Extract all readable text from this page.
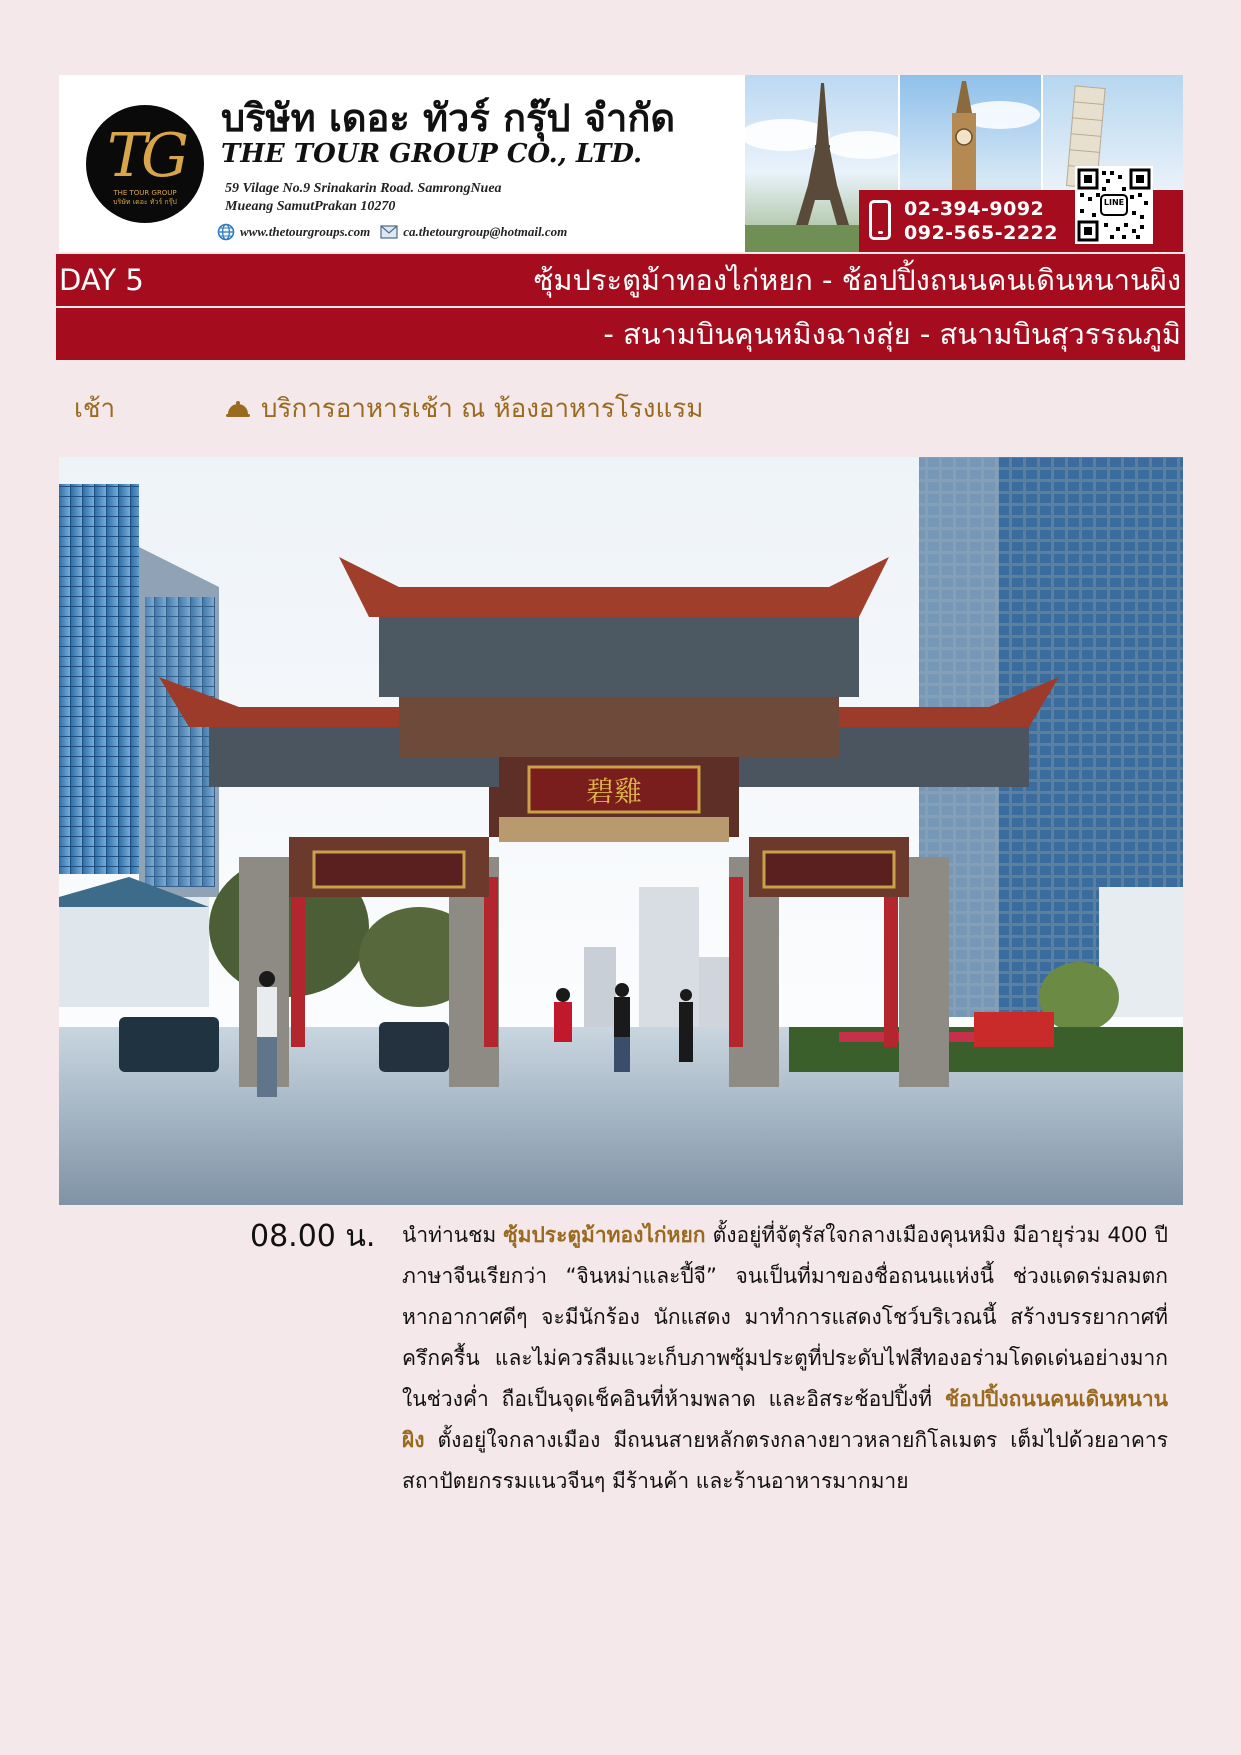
TG
THE TOUR GROUP
บริษัท เดอะ ทัวร์ กรุ๊ป
บริษัท เดอะ ทัวร์ กรุ๊ป จำกัด
THE TOUR GROUP CO., LTD.
59 Vilage No.9 Srinakarin Road. SamrongNuea
Mueang SamutPrakan 10270
www.thetourgroups.com	ca.thetourgroup@hotmail.com
02-394-9092
092-565-2222
LINE
DAY 5	ซุ้มประตูม้าทองไก่หยก - ช้อปปิ้งถนนคนเดินหนานผิง
- สนามบินคุนหมิงฉางสุ่ย - สนามบินสุวรรณภูมิ
เช้า	บริการอาหารเช้า ณ ห้องอาหารโรงแรม
碧雞
08.00 น. นำท่านชม ซุ้มประตูม้าทองไก่หยก ตั้งอยู่ที่จัตุรัสใจกลางเมืองคุนหมิง มีอายุร่วม 400 ปี ภาษาจีนเรียกว่า “จินหม่าและปี้จี” จนเป็นที่มาของชื่อถนนแห่งนี้ ช่วงแดดร่มลมตก หากอากาศดีๆ จะมีนักร้อง นักแสดง มาทำการแสดงโชว์บริเวณนี้ สร้างบรรยากาศที่ครึกครื้น และไม่ควรลืมแวะเก็บภาพซุ้มประตูที่ประดับไฟสีทองอร่ามโดดเด่นอย่างมากในช่วงค่ำ ถือเป็นจุดเช็คอินที่ห้ามพลาด และอิสระช้อปปิ้งที่ ช้อปปิ้งถนนคนเดินหนานผิง ตั้งอยู่ใจกลางเมือง มีถนนสายหลักตรงกลางยาวหลายกิโลเมตร เต็มไปด้วยอาคารสถาปัตยกรรมแนวจีนๆ มีร้านค้า และร้านอาหารมากมาย
